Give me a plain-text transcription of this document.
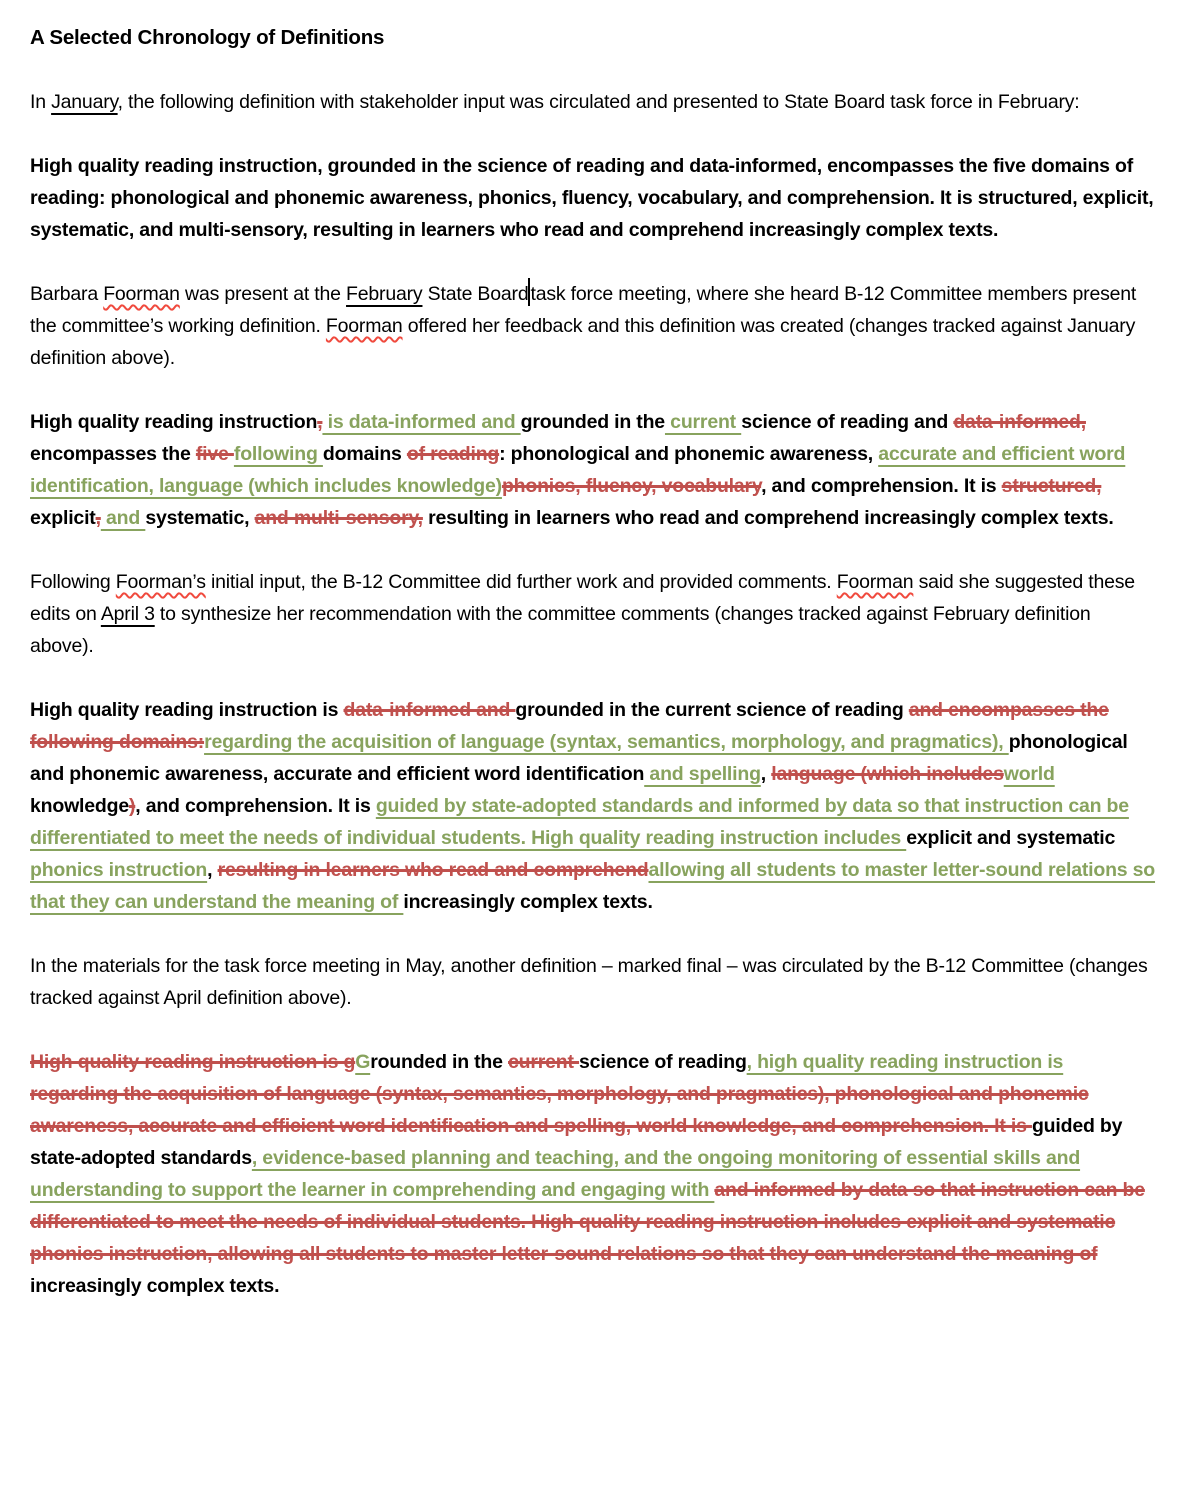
A Selected Chronology of Definitions

In January, the following definition with stakeholder input was circulated and presented to State Board task force in February:

High quality reading instruction, grounded in the science of reading and data-informed, encompasses the five domains of reading: phonological and phonemic awareness, phonics, fluency, vocabulary, and comprehension. It is structured, explicit, systematic, and multi-sensory, resulting in learners who read and comprehend increasingly complex texts.

Barbara Foorman was present at the February State Board task force meeting, where she heard B-12 Committee members present the committee’s working definition. Foorman offered her feedback and this definition was created (changes tracked against January definition above).

High quality reading instruction, is data-informed and grounded in the current science of reading and data-informed, encompasses the five following domains of reading: phonological and phonemic awareness, accurate and efficient word identification, language (which includes knowledge)phonics, fluency, vocabulary, and comprehension. It is structured, explicit, and systematic, and multi-sensory, resulting in learners who read and comprehend increasingly complex texts.

Following Foorman’s initial input, the B-12 Committee did further work and provided comments. Foorman said she suggested these edits on April 3 to synthesize her recommendation with the committee comments (changes tracked against February definition above).

High quality reading instruction is data-informed and grounded in the current science of reading and encompasses the following domains:regarding the acquisition of language (syntax, semantics, morphology, and pragmatics), phonological and phonemic awareness, accurate and efficient word identification and spelling, language (which includesworld knowledge), and comprehension. It is guided by state-adopted standards and informed by data so that instruction can be differentiated to meet the needs of individual students. High quality reading instruction includes explicit and systematic phonics instruction, resulting in learners who read and comprehendallowing all students to master letter-sound relations so that they can understand the meaning of increasingly complex texts.

In the materials for the task force meeting in May, another definition – marked final – was circulated by the B-12 Committee (changes tracked against April definition above).

High quality reading instruction is gGrounded in the current science of reading, high quality reading instruction is regarding the acquisition of language (syntax, semantics, morphology, and pragmatics), phonological and phonemic awareness, accurate and efficient word identification and spelling, world knowledge, and comprehension. It is guided by state-adopted standards, evidence-based planning and teaching, and the ongoing monitoring of essential skills and understanding to support the learner in comprehending and engaging with and informed by data so that instruction can be differentiated to meet the needs of individual students. High quality reading instruction includes explicit and systematic phonics instruction, allowing all students to master letter-sound relations so that they can understand the meaning of increasingly complex texts.
